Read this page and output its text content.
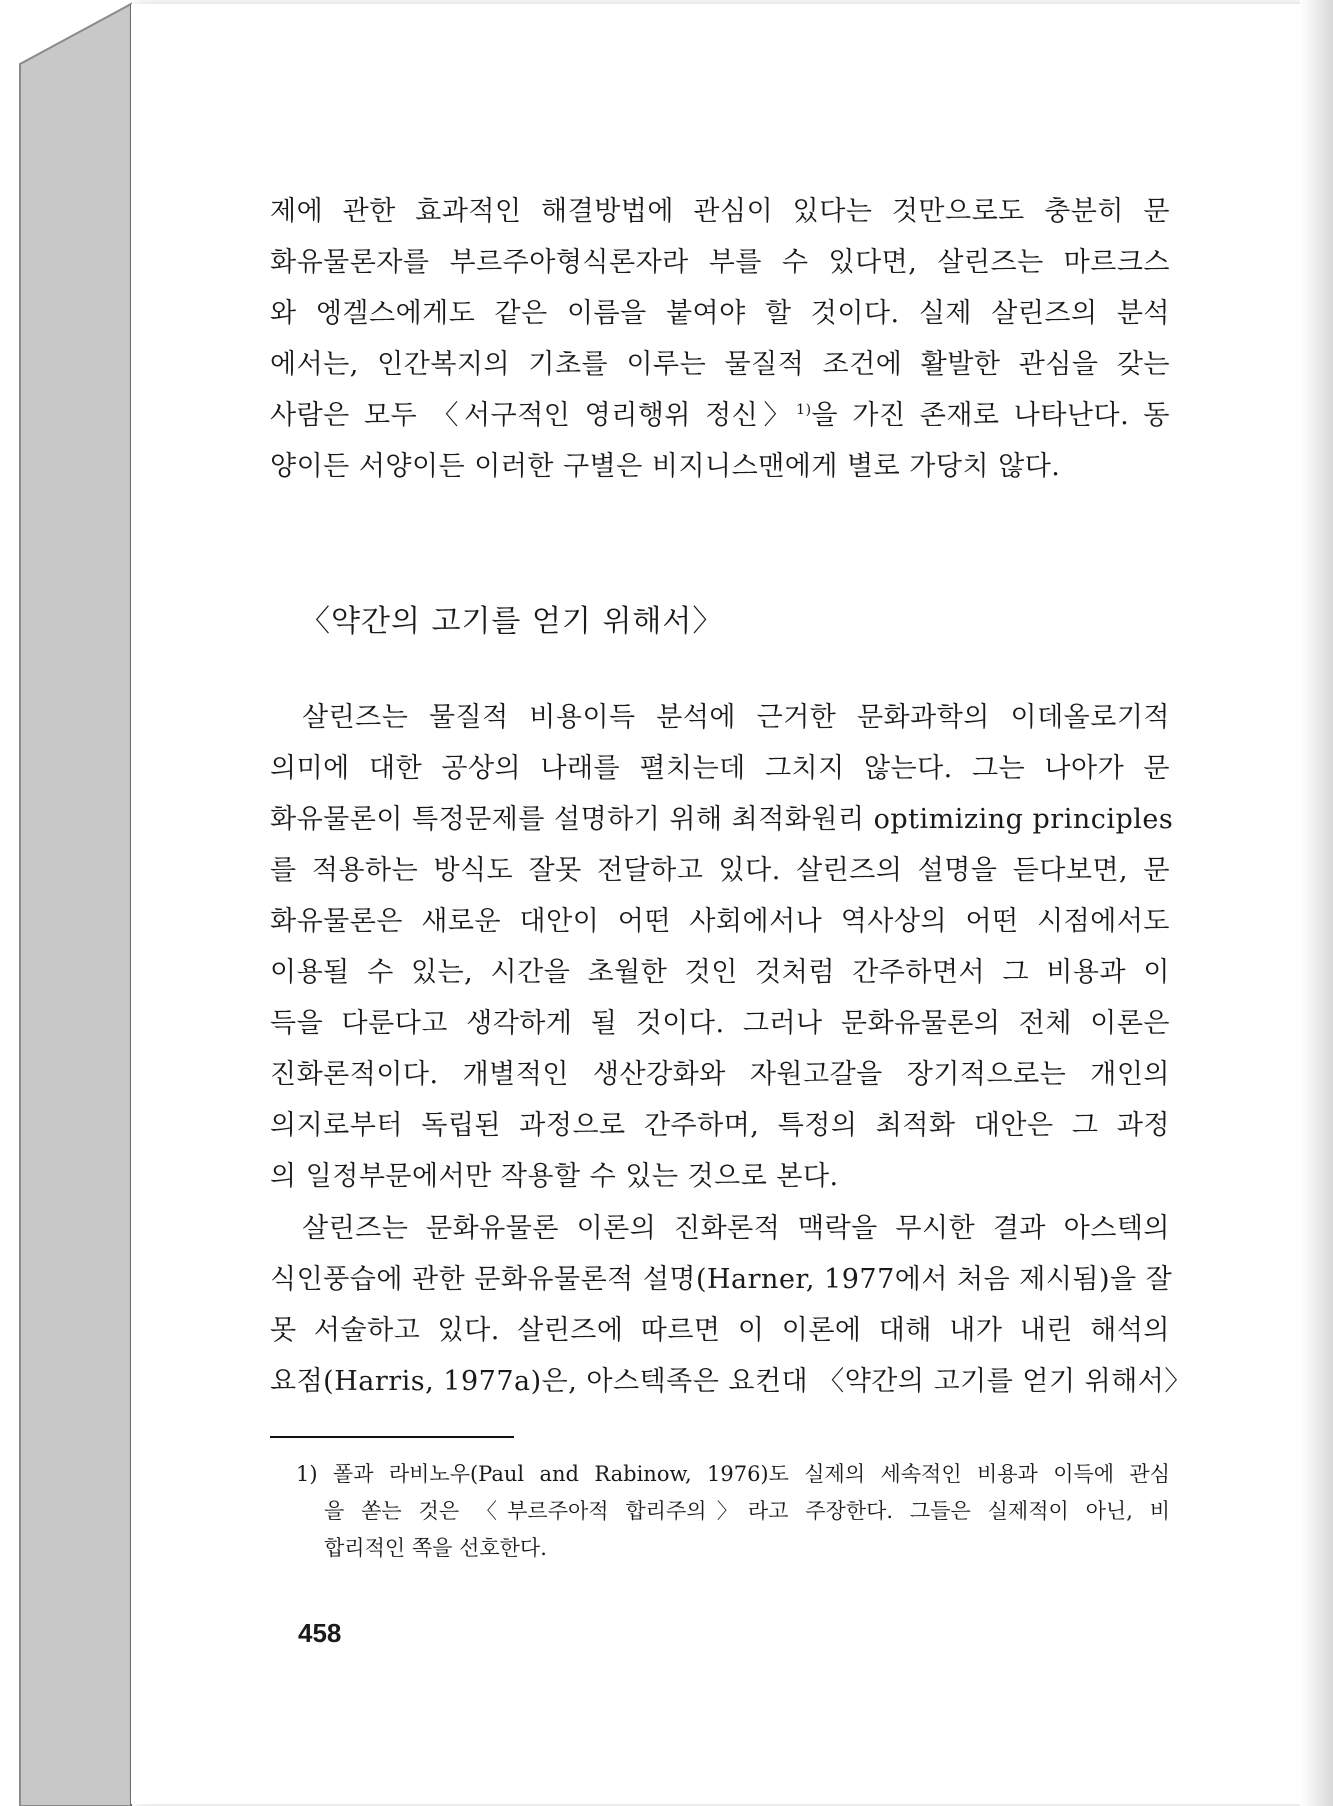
제에 관한 효과적인 해결방법에 관심이 있다는 것만으로도 충분히 문
화유물론자를 부르주아형식론자라 부를 수 있다면, 살린즈는 마르크스
와 엥겔스에게도 같은 이름을 붙여야 할 것이다. 실제 살린즈의 분석
에서는, 인간복지의 기초를 이루는 물질적 조건에 활발한 관심을 갖는
사람은 모두 〈서구적인 영리행위 정신〉$^{1)}$을 가진 존재로 나타난다. 동
양이든 서양이든 이러한 구별은 비지니스맨에게 별로 가당치 않다.
〈약간의 고기를 얻기 위해서〉
살린즈는 물질적 비용이득 분석에 근거한 문화과학의 이데올로기적
의미에 대한 공상의 나래를 펼치는데 그치지 않는다. 그는 나아가 문
화유물론이 특정문제를 설명하기 위해 최적화원리 optimizing principles
를 적용하는 방식도 잘못 전달하고 있다. 살린즈의 설명을 듣다보면, 문
화유물론은 새로운 대안이 어떤 사회에서나 역사상의 어떤 시점에서도
이용될 수 있는, 시간을 초월한 것인 것처럼 간주하면서 그 비용과 이
득을 다룬다고 생각하게 될 것이다. 그러나 문화유물론의 전체 이론은
진화론적이다. 개별적인 생산강화와 자원고갈을 장기적으로는 개인의
의지로부터 독립된 과정으로 간주하며, 특정의 최적화 대안은 그 과정
의 일정부문에서만 작용할 수 있는 것으로 본다.
살린즈는 문화유물론 이론의 진화론적 맥락을 무시한 결과 아스텍의
식인풍습에 관한 문화유물론적 설명(Harner, 1977에서 처음 제시됨)을 잘
못 서술하고 있다. 살린즈에 따르면 이 이론에 대해 내가 내린 해석의
요점(Harris, 1977a)은, 아스텍족은 요컨대 〈약간의 고기를 얻기 위해서〉
1) 폴과 라비노우(Paul and Rabinow, 1976)도 실제의 세속적인 비용과 이득에 관심
을 쏟는 것은 〈부르주아적 합리주의〉라고 주장한다. 그들은 실제적이 아닌, 비
합리적인 쪽을 선호한다.
458
